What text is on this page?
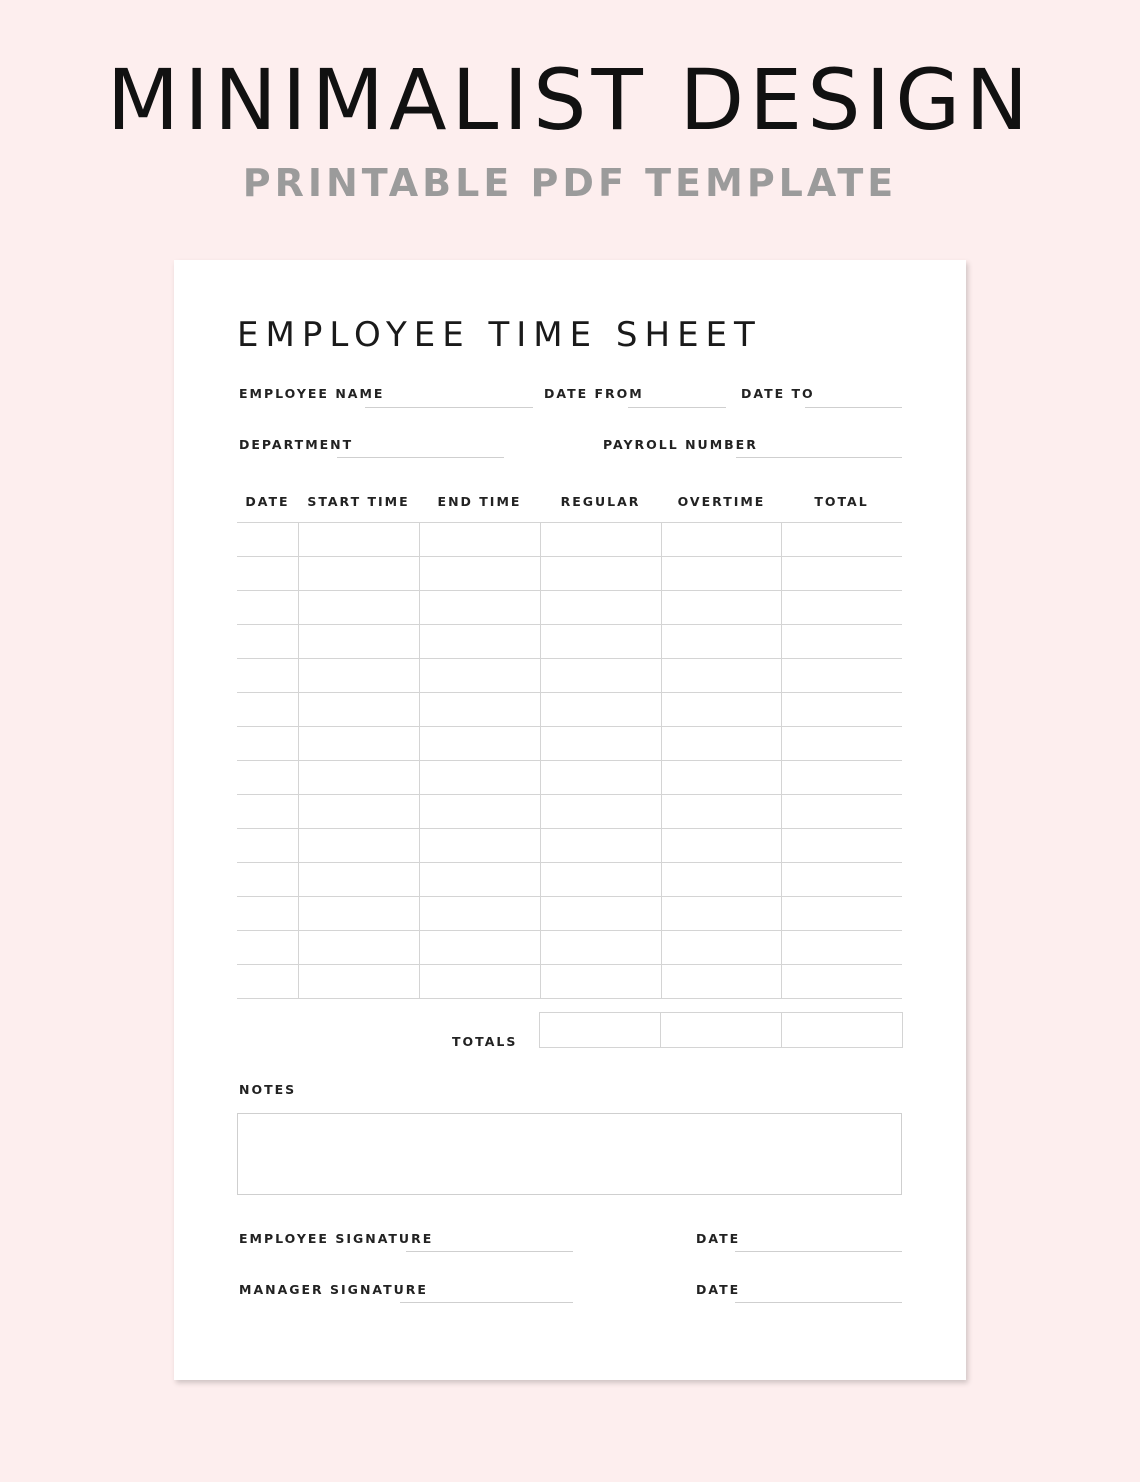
MINIMALIST DESIGN
PRINTABLE PDF TEMPLATE
EMPLOYEE TIME SHEET
EMPLOYEE NAME	DATE FROM	DATE TO
DEPARTMENT	PAYROLL NUMBER
DATE	START TIME	END TIME	REGULAR	OVERTIME	TOTAL

TOTALS
NOTES
EMPLOYEE SIGNATURE	DATE
MANAGER SIGNATURE	DATE
